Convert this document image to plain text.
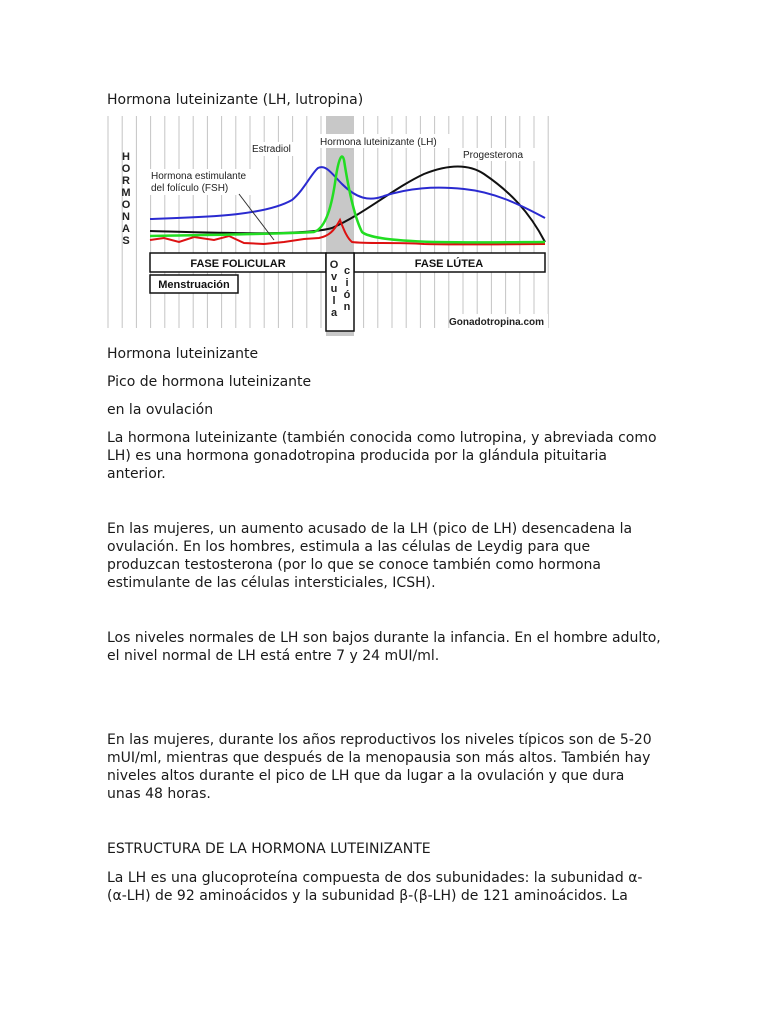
Hormona luteinizante (LH, lutropina)

H
O
R
M
O
N
A
S
Estradiol
Hormona luteinizante (LH)
Progesterona
Hormona estimulante
del folículo (FSH)
FASE FOLICULAR	FASE LÚTEA
Menstruación
O
v
u
l
a
c
i
ó
n
Gonadotropina.com

Hormona luteinizante

Pico de hormona luteinizante

en la ovulación

La hormona luteinizante (también conocida como lutropina, y abreviada como LH) es una hormona gonadotropina producida por la glándula pituitaria anterior.

En las mujeres, un aumento acusado de la LH (pico de LH) desencadena la ovulación. En los hombres, estimula a las células de Leydig para que produzcan testosterona (por lo que se conoce también como hormona estimulante de las células intersticiales, ICSH).

Los niveles normales de LH son bajos durante la infancia. En el hombre adulto, el nivel normal de LH está entre 7 y 24 mUI/ml.

En las mujeres, durante los años reproductivos los niveles típicos son de 5-20 mUI/ml, mientras que después de la menopausia son más altos. También hay niveles altos durante el pico de LH que da lugar a la ovulación y que dura unas 48 horas.

ESTRUCTURA DE LA HORMONA LUTEINIZANTE

La LH es una glucoproteína compuesta de dos subunidades: la subunidad α-(α-LH) de 92 aminoácidos y la subunidad β-(β-LH) de 121 aminoácidos. La
